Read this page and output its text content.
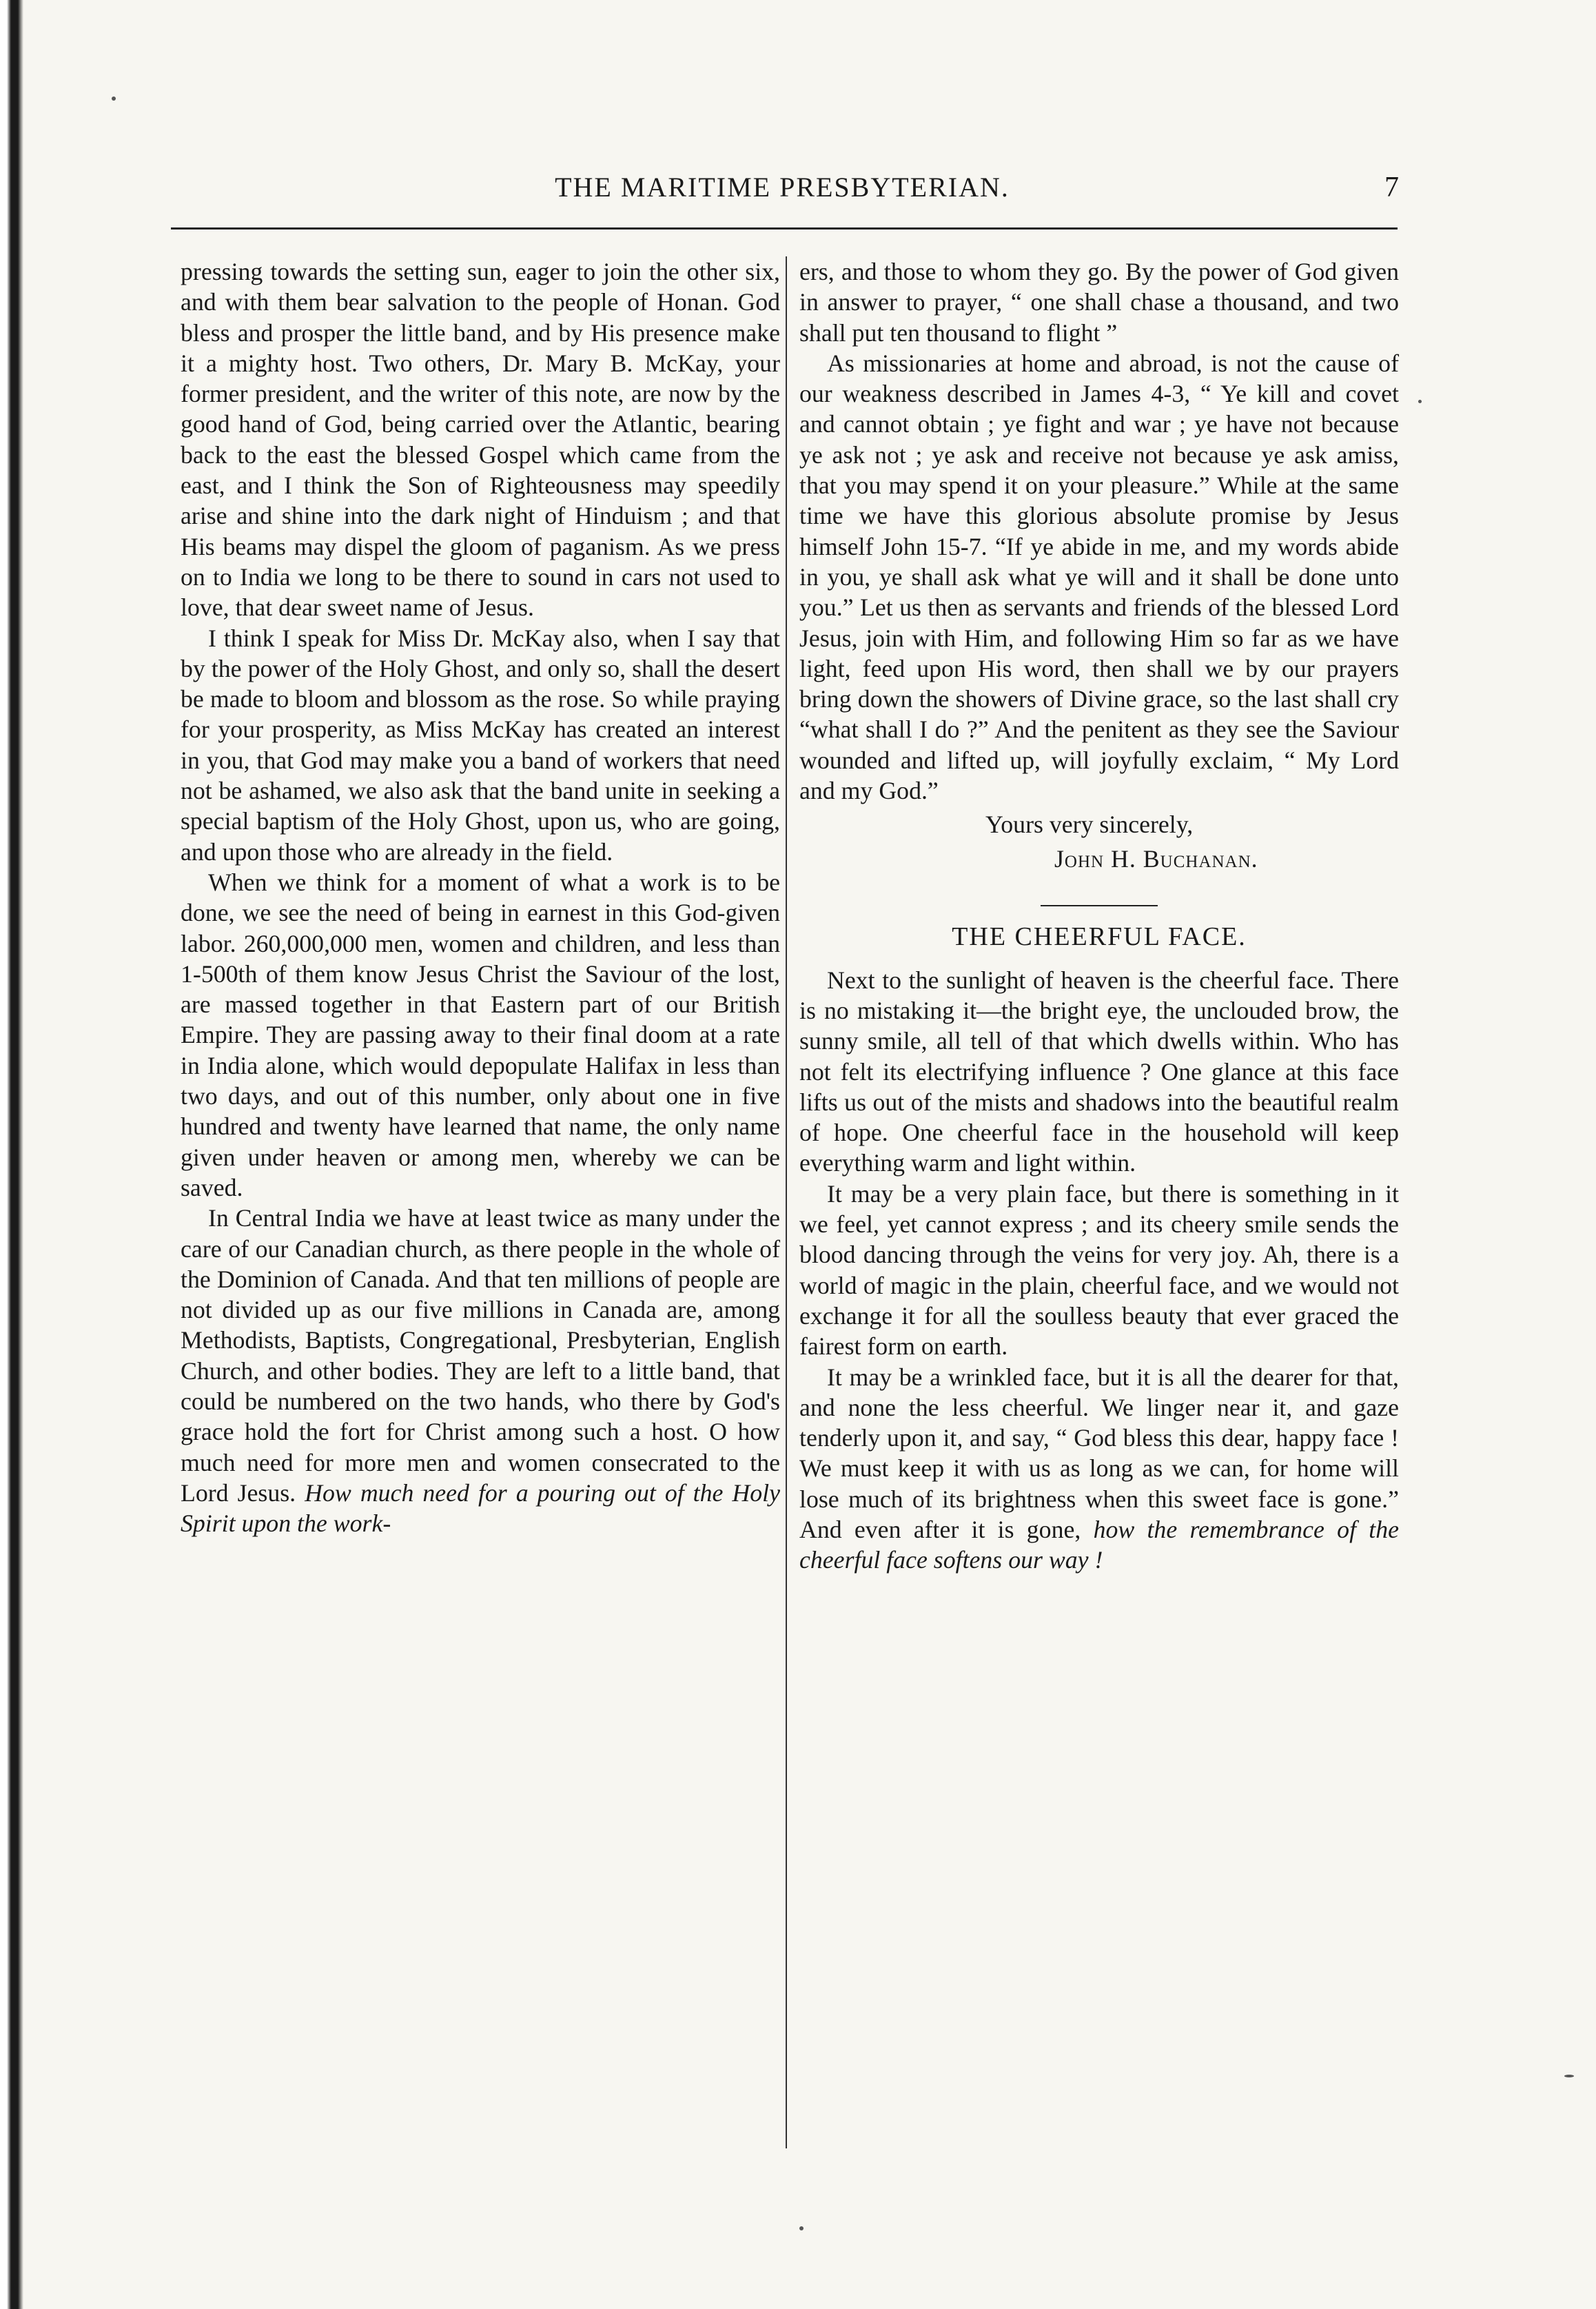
THE MARITIME PRESBYTERIAN.	7

pressing towards the setting sun, eager to join the other six, and with them bear salvation to the people of Honan. God bless and prosper the little band, and by His presence make it a mighty host. Two others, Dr. Mary B. McKay, your former president, and the writer of this note, are now by the good hand of God, being carried over the Atlantic, bearing back to the east the blessed Gospel which came from the east, and I think the Son of Righteousness may speedily arise and shine into the dark night of Hinduism ; and that His beams may dispel the gloom of paganism. As we press on to India we long to be there to sound in cars not used to love, that dear sweet name of Jesus.

I think I speak for Miss Dr. McKay also, when I say that by the power of the Holy Ghost, and only so, shall the desert be made to bloom and blossom as the rose. So while praying for your prosperity, as Miss McKay has created an interest in you, that God may make you a band of workers that need not be ashamed, we also ask that the band unite in seeking a special baptism of the Holy Ghost, upon us, who are going, and upon those who are already in the field.

When we think for a moment of what a work is to be done, we see the need of being in earnest in this God-given labor. 260,000,000 men, women and children, and less than 1-500th of them know Jesus Christ the Saviour of the lost, are massed together in that Eastern part of our British Empire. They are passing away to their final doom at a rate in India alone, which would depopulate Halifax in less than two days, and out of this number, only about one in five hundred and twenty have learned that name, the only name given under heaven or among men, whereby we can be saved.

In Central India we have at least twice as many under the care of our Canadian church, as there people in the whole of the Dominion of Canada. And that ten millions of people are not divided up as our five millions in Canada are, among Methodists, Baptists, Congregational, Presbyterian, English Church, and other bodies. They are left to a little band, that could be numbered on the two hands, who there by God's grace hold the fort for Christ among such a host. O how much need for more men and women consecrated to the Lord Jesus. How much need for a pouring out of the Holy Spirit upon the work-

ers, and those to whom they go. By the power of God given in answer to prayer, “ one shall chase a thousand, and two shall put ten thousand to flight ”

As missionaries at home and abroad, is not the cause of our weakness described in James 4-3, “ Ye kill and covet and cannot obtain ; ye fight and war ; ye have not because ye ask not ; ye ask and receive not because ye ask amiss, that you may spend it on your pleasure.” While at the same time we have this glorious absolute promise by Jesus himself John 15-7. “If ye abide in me, and my words abide in you, ye shall ask what ye will and it shall be done unto you.” Let us then as servants and friends of the blessed Lord Jesus, join with Him, and following Him so far as we have light, feed upon His word, then shall we by our prayers bring down the showers of Divine grace, so the last shall cry “what shall I do ?” And the penitent as they see the Saviour wounded and lifted up, will joyfully exclaim, “ My Lord and my God.”

Yours very sincerely,
John H. Buchanan.
THE CHEERFUL FACE.

Next to the sunlight of heaven is the cheerful face. There is no mistaking it—the bright eye, the unclouded brow, the sunny smile, all tell of that which dwells within. Who has not felt its electrifying influence ? One glance at this face lifts us out of the mists and shadows into the beautiful realm of hope. One cheerful face in the household will keep everything warm and light within.

It may be a very plain face, but there is something in it we feel, yet cannot express ; and its cheery smile sends the blood dancing through the veins for very joy. Ah, there is a world of magic in the plain, cheerful face, and we would not exchange it for all the soulless beauty that ever graced the fairest form on earth.

It may be a wrinkled face, but it is all the dearer for that, and none the less cheerful. We linger near it, and gaze tenderly upon it, and say, “ God bless this dear, happy face ! We must keep it with us as long as we can, for home will lose much of its brightness when this sweet face is gone.” And even after it is gone, how the remembrance of the cheerful face softens our way !
